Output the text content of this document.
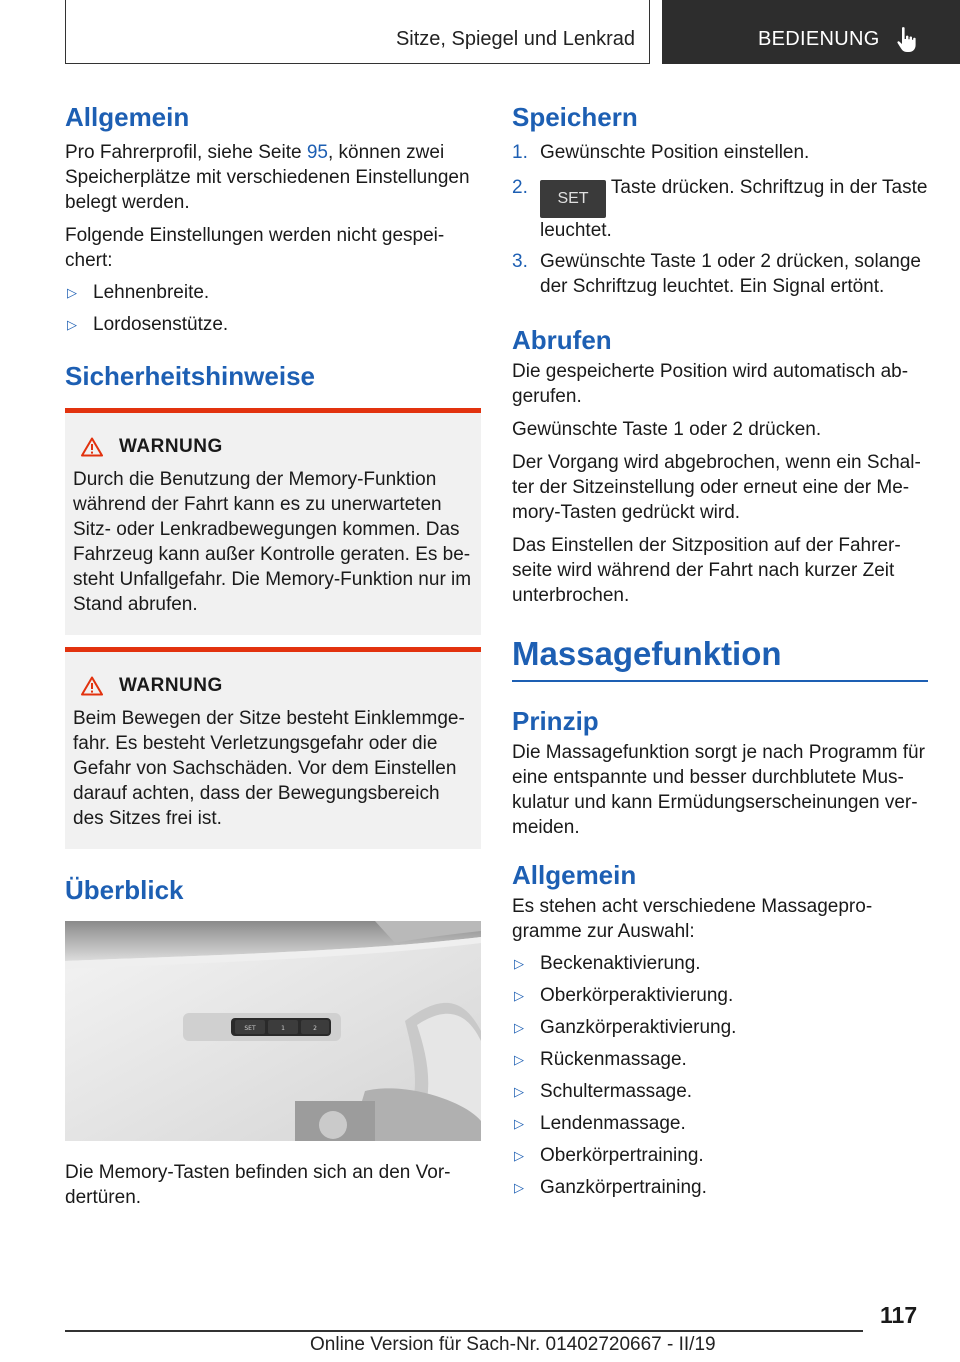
Sitze, Spiegel und Lenkrad	BEDIENUNG
Allgemein

Pro Fahrerprofil, siehe Seite 95, können zwei Speicherplätze mit verschiedenen Einstellungen belegt werden.

Folgende Einstellungen werden nicht gespeichert:

▷ Lehnenbreite.
▷ Lordosenstütze.
Sicherheitshinweise
WARNUNG

Durch die Benutzung der Memory-Funktion während der Fahrt kann es zu unerwarteten Sitz- oder Lenkradbewegungen kommen. Das Fahrzeug kann außer Kontrolle geraten. Es besteht Unfallgefahr. Die Memory-Funktion nur im Stand abrufen.

WARNUNG

Beim Bewegen der Sitze besteht Einklemmgefahr. Es besteht Verletzungsgefahr oder die Gefahr von Sachschäden. Vor dem Einstellen darauf achten, dass der Bewegungsbereich des Sitzes frei ist.

Überblick
SET	1	2

Die Memory-Tasten befinden sich an den Vordertüren.

Speichern
1. Gewünschte Position einstellen.
2.
SET Taste drücken. Schriftzug in der Taste leuchtet.
3. Gewünschte Taste 1 oder 2 drücken, solange der Schriftzug leuchtet. Ein Signal ertönt.
Abrufen

Die gespeicherte Position wird automatisch abgerufen.

Gewünschte Taste 1 oder 2 drücken.

Der Vorgang wird abgebrochen, wenn ein Schalter der Sitzeinstellung oder erneut eine der Memory-Tasten gedrückt wird.

Das Einstellen der Sitzposition auf der Fahrerseite wird während der Fahrt nach kurzer Zeit unterbrochen.

Massagefunktion
Prinzip

Die Massagefunktion sorgt je nach Programm für eine entspannte und besser durchblutete Muskulatur und kann Ermüdungserscheinungen vermeiden.

Allgemein

Es stehen acht verschiedene Massageprogramme zur Auswahl:

▷ Beckenaktivierung.
▷ Oberkörperaktivierung.
▷ Ganzkörperaktivierung.
▷ Rückenmassage.
▷ Schultermassage.
▷ Lendenmassage.
▷ Oberkörpertraining.
▷ Ganzkörpertraining.
117
Online Version für Sach-Nr. 01402720667 - II/19
